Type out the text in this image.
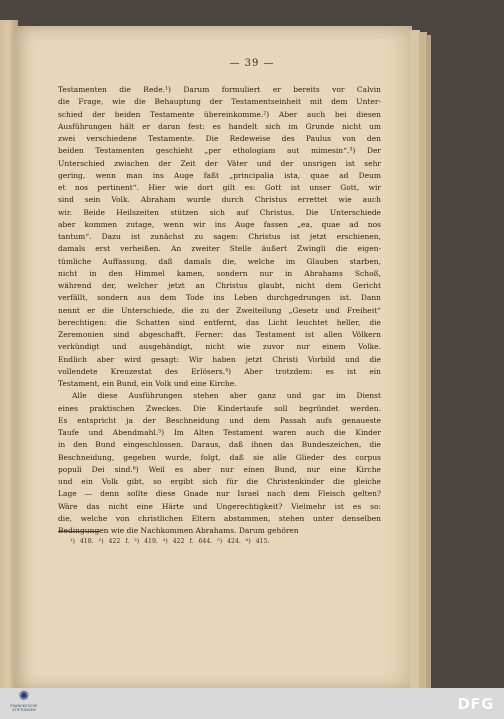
— 39 —
Testamenten die Rede.¹) Darum formuliert er bereits vor Calvin
die Frage, wie die Behauptung der Testamentseinheit mit dem Unter-
schied der beiden Testamente übereinkomme.²) Aber auch bei diesen
Ausführungen hält er daran fest: es handelt sich im Grunde nicht um
zwei verschiedene Testamente. Die Redeweise des Paulus von den
beiden Testamenten geschieht „per ethologiam aut mimesin“.³) Der
Unterschied zwischen der Zeit der Väter und der unsrigen ist sehr
gering, wenn man ins Auge faßt „principalia ista, quae ad Deum
et nos pertinent“. Hier wie dort gilt es: Gott ist unser Gott, wir
sind sein Volk. Abraham wurde durch Christus errettet wie auch
wir. Beide Heilszeiten stützen sich auf Christus. Die Unterschiede
aber kommen zutage, wenn wir ins Auge fassen „ea, quae ad nos
tantum“. Dazu ist zunächst zu sagen: Christus ist jetzt erschienen,
damals erst verheißen. An zweiter Stelle äußert Zwingli die eigen-
tümliche Auffassung, daß damals die, welche im Glauben starben,
nicht in den Himmel kamen, sondern nur in Abrahams Schoß,
während der, welcher jetzt an Christus glaubt, nicht dem Gericht
verfällt, sondern aus dem Tode ins Leben durchgedrungen ist. Dann
nennt er die Unterschiede, die zu der Zweiteilung „Gesetz und Freiheit“
berechtigen: die Schatten sind entfernt, das Licht leuchtet heller, die
Zeremonien sind abgeschafft. Ferner: das Testament ist allen Völkern
verkündigt und ausgehändigt, nicht wie zuvor nur einem Volke.
Endlich aber wird gesagt: Wir haben jetzt Christi Vorbild und die
vollendete Kreuzestat des Erlösers.⁴) Aber trotzdem: es ist ein
Testament, ein Bund, ein Volk und eine Kirche.
Alle diese Ausführungen stehen aber ganz und gar im Dienst
eines praktischen Zweckes. Die Kindertaufe soll begründet werden.
Es entspricht ja der Beschneidung und dem Passah aufs genaueste
Taufe und Abendmahl.⁵) Im Alten Testament waren auch die Kinder
in den Bund eingeschlossen. Daraus, daß ihnen das Bundeszeichen, die
Beschneidung, gegeben wurde, folgt, daß sie alle Glieder des corpus
populi Dei sind.⁶) Weil es aber nur einen Bund, nur eine Kirche
und ein Volk gibt, so ergibt sich für die Christenkinder die gleiche
Lage — denn sollte diese Gnade nur Israel nach dem Fleisch gelten?
Wäre das nicht eine Härte und Ungerechtigkeit? Vielmehr ist es so:
die, welche von christlichen Eltern abstammen, stehen unter denselben
Bedingungen wie die Nachkommen Abrahams. Darum gehören
¹) 418. ²) 422 f. ³) 419. ⁴) 422 f. 644. ⁵) 424. ⁶) 415.
✺
FRANCKESCHE STIFTUNGEN	DFG
